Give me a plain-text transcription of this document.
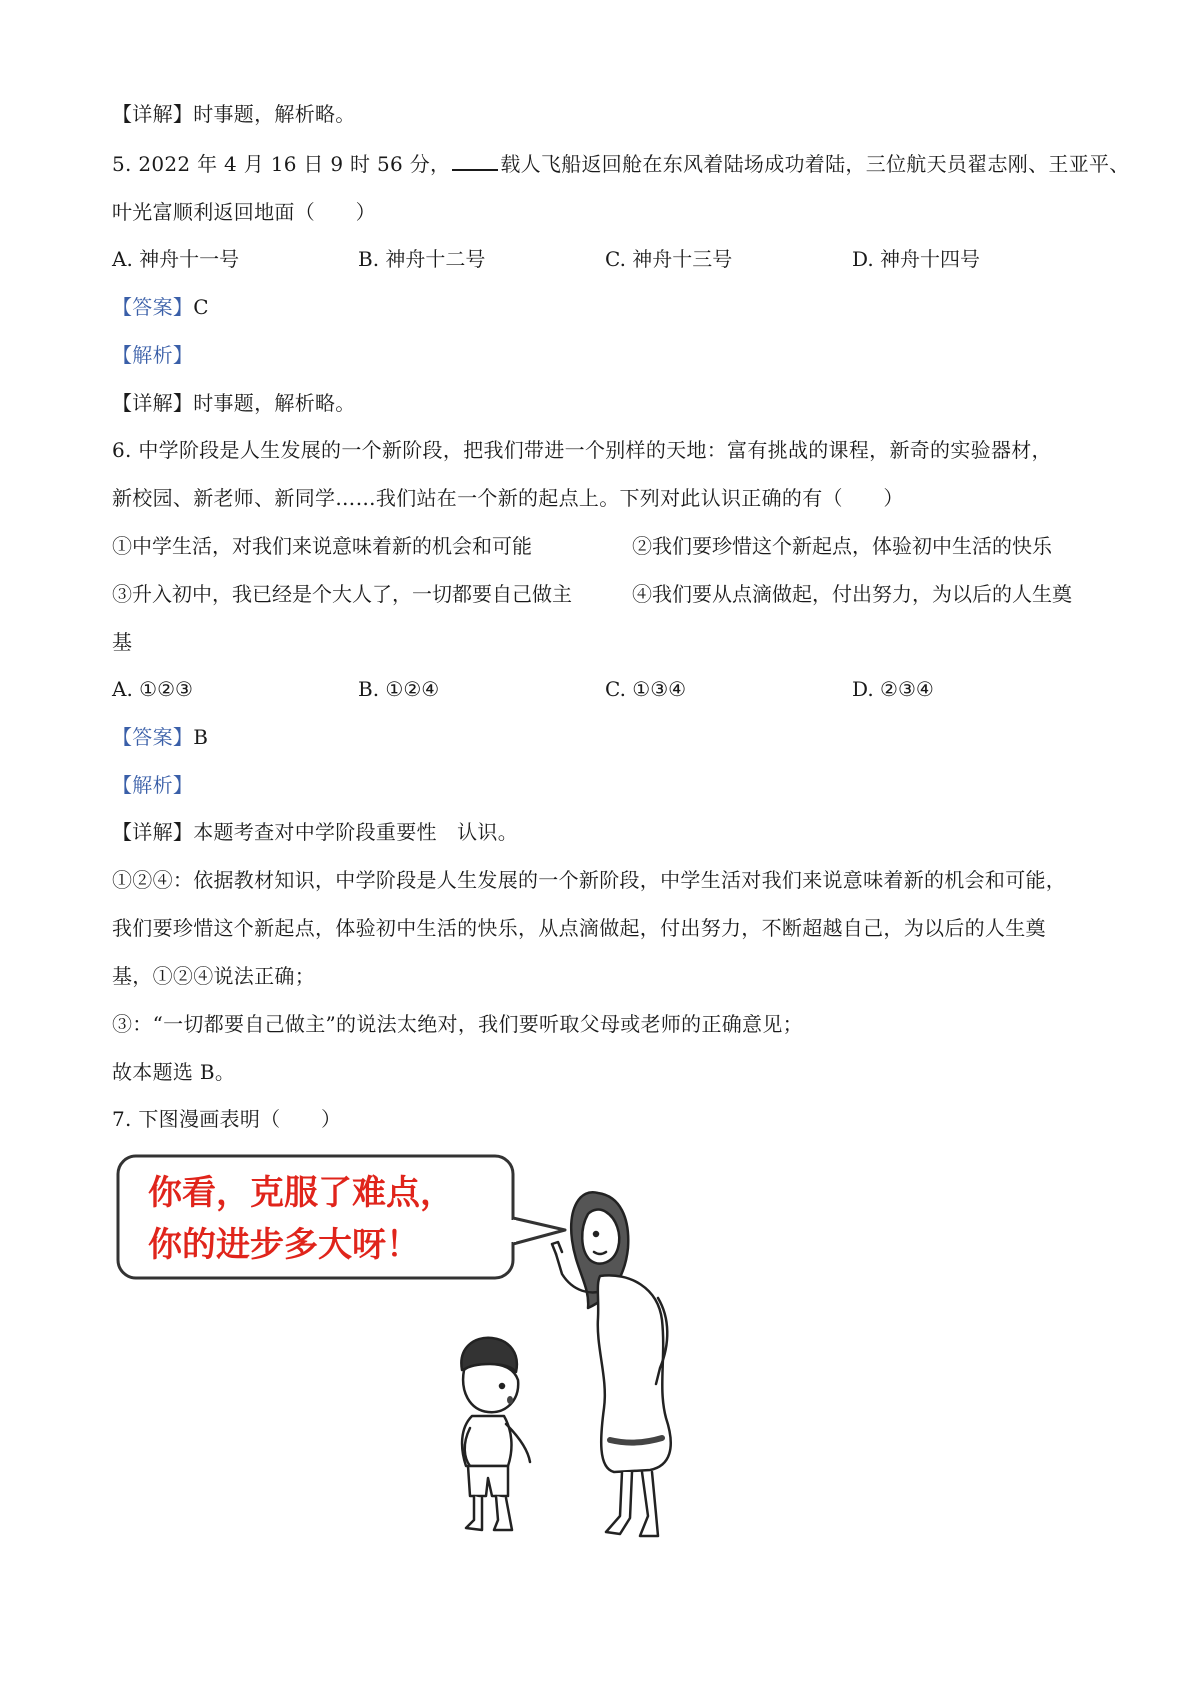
【详解】时事题，解析略。
5. 2022 年 4 月 16 日 9 时 56 分，	载人飞船返回舱在东风着陆场成功着陆，三位航天员翟志刚、王亚平、
叶光富顺利返回地面（　　）
A. 神舟十一号	B. 神舟十二号	C. 神舟十三号	D. 神舟十四号
【答案】C
【解析】
【详解】时事题，解析略。
6. 中学阶段是人生发展的一个新阶段，把我们带进一个别样的天地：富有挑战的课程，新奇的实验器材，
新校园、新老师、新同学……我们站在一个新的起点上。下列对此认识正确的有（　　）
①中学生活，对我们来说意味着新的机会和可能	②我们要珍惜这个新起点，体验初中生活的快乐
③升入初中，我已经是个大人了，一切都要自己做主	④我们要从点滴做起，付出努力，为以后的人生奠
基
A. ①②③	B. ①②④	C. ①③④	D. ②③④
【答案】B
【解析】
【详解】本题考查对中学阶段重要性　认识。
①②④：依据教材知识，中学阶段是人生发展的一个新阶段，中学生活对我们来说意味着新的机会和可能，
我们要珍惜这个新起点，体验初中生活的快乐，从点滴做起，付出努力，不断超越自己，为以后的人生奠
基，①②④说法正确；
③：“一切都要自己做主”的说法太绝对，我们要听取父母或老师的正确意见；
故本题选 B。
7. 下图漫画表明（　　）
你看，克服了难点，
你的进步多大呀！
